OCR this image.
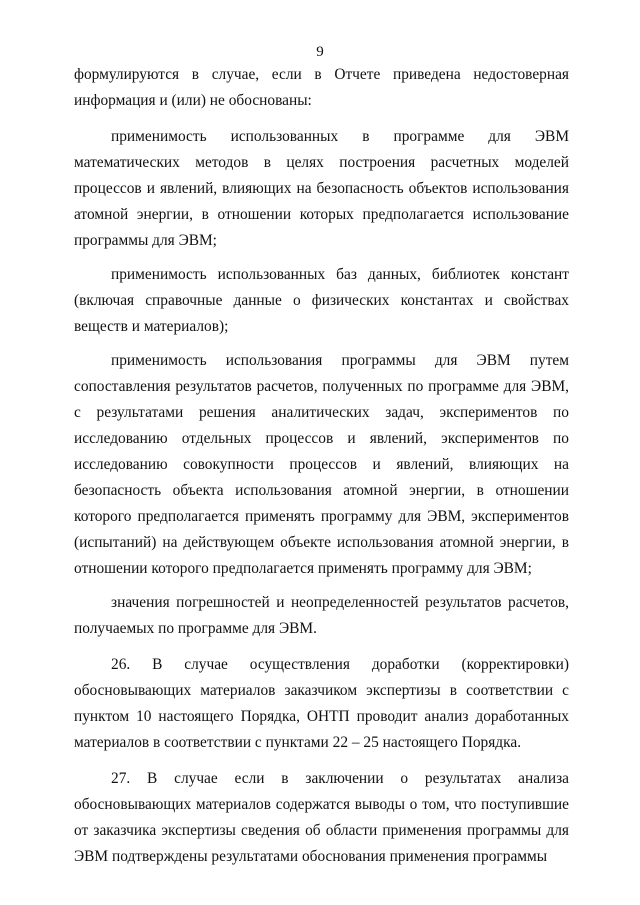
9

формулируются в случае, если в Отчете приведена недостоверная информация и (или) не обоснованы:

применимость использованных в программе для ЭВМ математических методов в целях построения расчетных моделей процессов и явлений, влияющих на безопасность объектов использования атомной энергии, в отношении которых предполагается использование программы для ЭВМ;

применимость использованных баз данных, библиотек констант (включая справочные данные о физических константах и свойствах веществ и материалов);

применимость использования программы для ЭВМ путем сопоставления результатов расчетов, полученных по программе для ЭВМ, с результатами решения аналитических задач, экспериментов по исследованию отдельных процессов и явлений, экспериментов по исследованию совокупности процессов и явлений, влияющих на безопасность объекта использования атомной энергии, в отношении которого предполагается применять программу для ЭВМ, экспериментов (испытаний) на действующем объекте использования атомной энергии, в отношении которого предполагается применять программу для ЭВМ;

значения погрешностей и неопределенностей результатов расчетов, получаемых по программе для ЭВМ.

26. В случае осуществления доработки (корректировки) обосновывающих материалов заказчиком экспертизы в соответствии с пунктом 10 настоящего Порядка, ОНТП проводит анализ доработанных материалов в соответствии с пунктами 22 – 25 настоящего Порядка.

27. В случае если в заключении о результатах анализа обосновывающих материалов содержатся выводы о том, что поступившие от заказчика экспертизы сведения об области применения программы для ЭВМ подтверждены результатами обоснования применения программы
